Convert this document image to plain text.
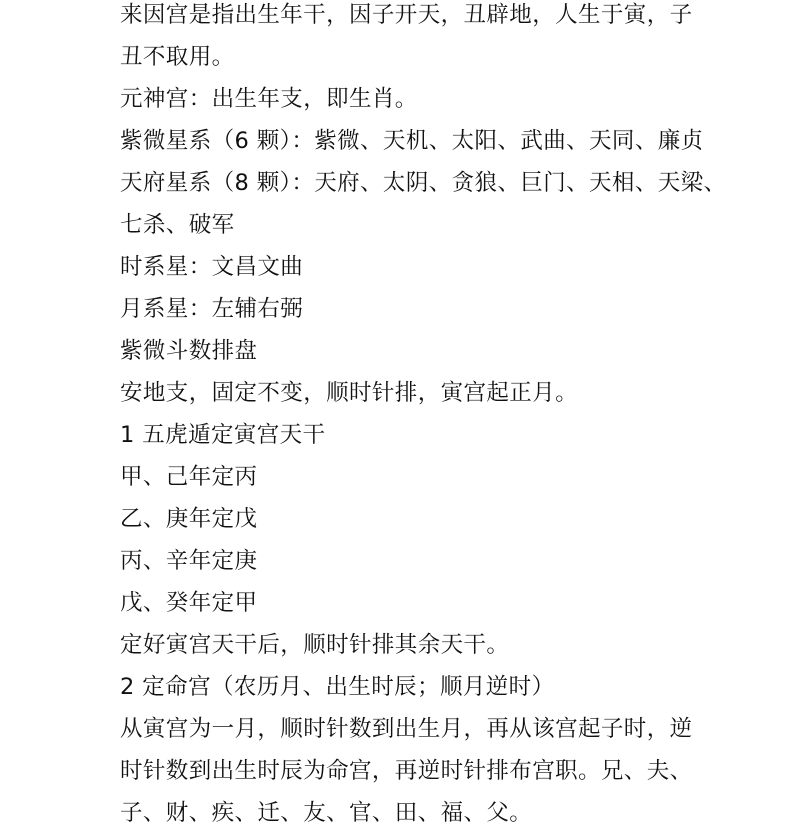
来因宫是指出生年干，因子开天，丑辟地，人生于寅，子
丑不取用。
元神宫：出生年支，即生肖。
紫微星系（6 颗）：紫微、天机、太阳、武曲、天同、廉贞
天府星系（8 颗）：天府、太阴、贪狼、巨门、天相、天梁、
七杀、破军
时系星：文昌文曲
月系星：左辅右弼
紫微斗数排盘
安地支，固定不变，顺时针排，寅宫起正月。
1 五虎遁定寅宫天干
甲、己年定丙
乙、庚年定戊
丙、辛年定庚
戊、癸年定甲
定好寅宫天干后，顺时针排其余天干。
2 定命宫（农历月、出生时辰；顺月逆时）
从寅宫为一月，顺时针数到出生月，再从该宫起子时，逆
时针数到出生时辰为命宫，再逆时针排布宫职。兄、夫、
子、财、疾、迁、友、官、田、福、父。
